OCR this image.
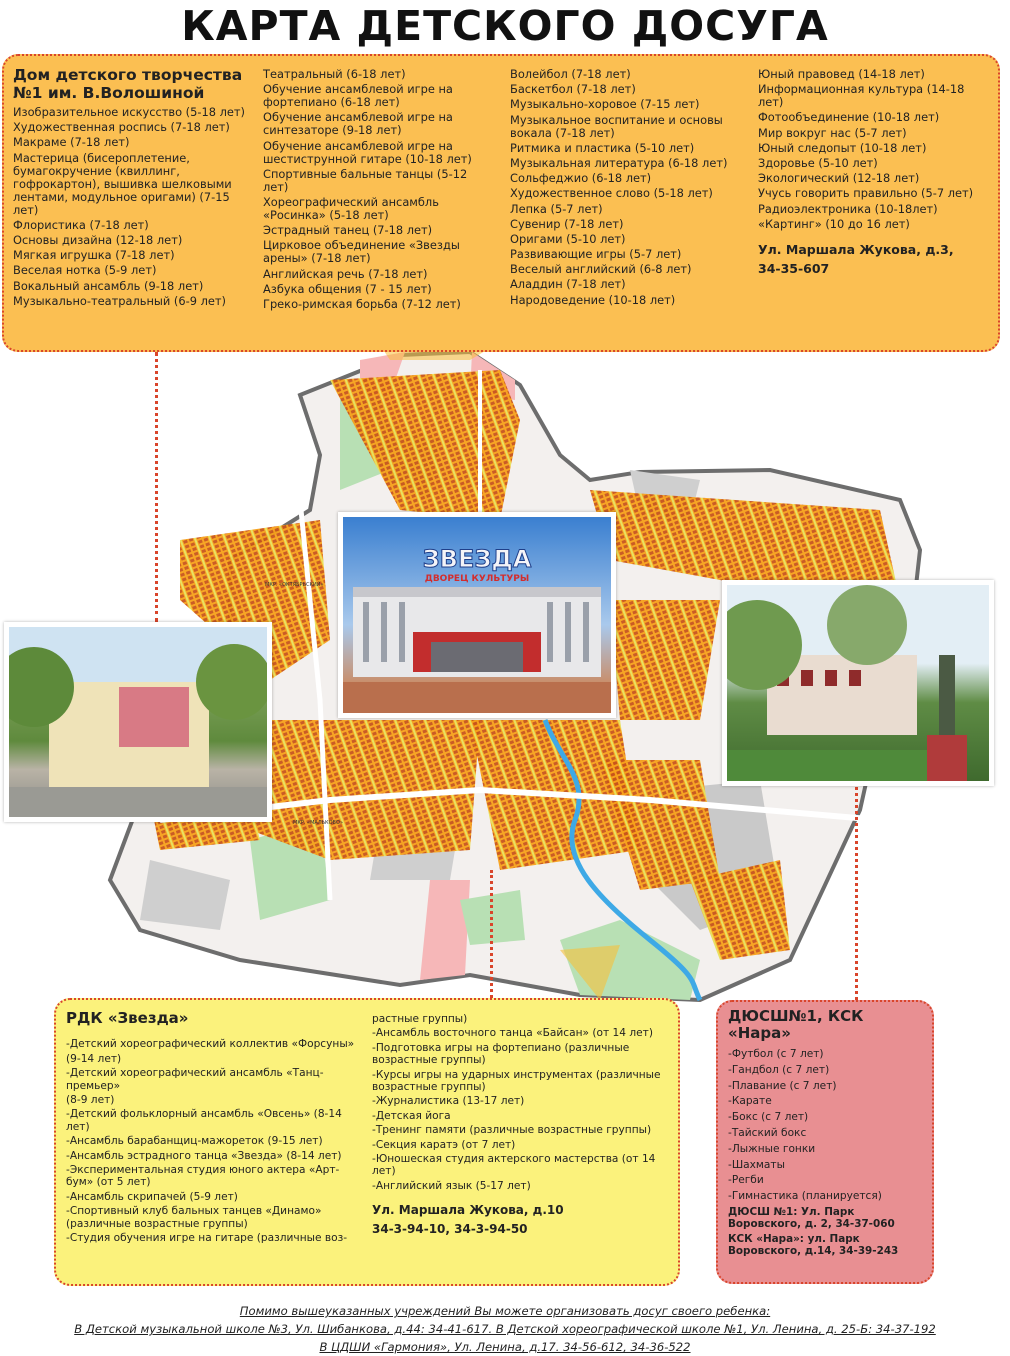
КАРТА ДЕТСКОГО ДОСУГА
МКР. «ОКТЯБРЬСКИЙ»
МКР. «МАЛЬКОВО»
ЗВЕЗДА
ДВОРЕЦ КУЛЬТУРЫ
Дом детского творчества №1 им. В.Волошиной
Изобразительное искусство (5-18 лет)
Художественная роспись (7-18 лет)
Макраме (7-18 лет)
Мастерица (бисероплетение, бумагокручение (квиллинг, гофрокартон), вышивка шелковыми лентами, модульное оригами) (7-15 лет)
Флористика (7-18 лет)
Основы дизайна (12-18 лет)
Мягкая игрушка (7-18 лет)
Веселая нотка (5-9 лет)
Вокальный ансамбль (9-18 лет)
Музыкально-театральный (6-9 лет)
Театральный (6-18 лет)
Обучение ансамблевой игре на фортепиано (6-18 лет)
Обучение ансамблевой игре на синтезаторе (9-18 лет)
Обучение ансамблевой игре на шестиструнной гитаре (10-18 лет)
Спортивные бальные танцы (5-12 лет)
Хореографический ансамбль «Росинка» (5-18 лет)
Эстрадный танец (7-18 лет)
Цирковое объединение «Звезды арены» (7-18 лет)
Английская речь (7-18 лет)
Азбука общения (7 - 15 лет)
Греко-римская борьба (7-12 лет)
Волейбол (7-18 лет)
Баскетбол (7-18 лет)
Музыкально-хоровое (7-15 лет)
Музыкальное воспитание и основы вокала (7-18 лет)
Ритмика и пластика (5-10 лет)
Музыкальная литература (6-18 лет)
Сольфеджио (6-18 лет)
Художественное слово (5-18 лет)
Лепка (5-7 лет)
Сувенир (7-18 лет)
Оригами (5-10 лет)
Развивающие игры (5-7 лет)
Веселый английский (6-8 лет)
Аладдин (7-18 лет)
Народоведение (10-18 лет)
Юный правовед (14-18 лет)
Информационная культура (14-18 лет)
Фотообъединение (10-18 лет)
Мир вокруг нас (5-7 лет)
Юный следопыт (10-18 лет)
Здоровье (5-10 лет)
Экологический (12-18 лет)
Учусь говорить правильно (5-7 лет)
Радиоэлектроника (10-18лет)
«Картинг» (10 до 16 лет)
Ул. Маршала Жукова, д.3,
34-35-607
РДК «Звезда»
-Детский хореографический коллектив «Форсуны»
(9-14 лет)
-Детский хореографический ансамбль «Танц-премьер»
(8-9 лет)
-Детский фольклорный ансамбль «Овсень» (8-14 лет)
-Ансамбль барабанщиц-мажореток (9-15 лет)
-Ансамбль эстрадного танца «Звезда» (8-14 лет)
-Экспериментальная студия юного актера «Арт-бум» (от 5 лет)
-Ансамбль скрипачей (5-9 лет)
-Спортивный клуб бальных танцев «Динамо» (различные возрастные группы)
-Студия обучения игре на гитаре (различные воз-
растные группы)
-Ансамбль восточного танца «Байсан» (от 14 лет)
-Подготовка игры на фортепиано (различные возрастные группы)
-Курсы игры на ударных инструментах (различные возрастные группы)
-Журналистика (13-17 лет)
-Детская йога
-Тренинг памяти (различные возрастные группы)
-Секция каратэ (от 7 лет)
-Юношеская студия актерского мастерства (от 14 лет)
-Английский язык (5-17 лет)
Ул. Маршала Жукова, д.10
34-3-94-10, 34-3-94-50
ДЮСШ№1, КСК «Нара»
-Футбол (с 7 лет)
-Гандбол (с 7 лет)
-Плавание (с 7 лет)
-Карате
-Бокс (с 7 лет)
-Тайский бокс
-Лыжные гонки
-Шахматы
-Регби
-Гимнастика (планируется)
ДЮСШ №1: Ул. Парк Воровского, д. 2, 34-37-060
КСК «Нара»: ул. Парк Воровского, д.14, 34-39-243
Помимо вышеуказанных учреждений Вы можете организовать досуг своего ребенка:
В Детской музыкальной школе №3, Ул. Шибанкова, д.44: 34-41-617. В Детской хореографической школе №1, Ул. Ленина, д. 25-Б: 34-37-192
В ЦДШИ «Гармония», Ул. Ленина, д.17. 34-56-612, 34-36-522
